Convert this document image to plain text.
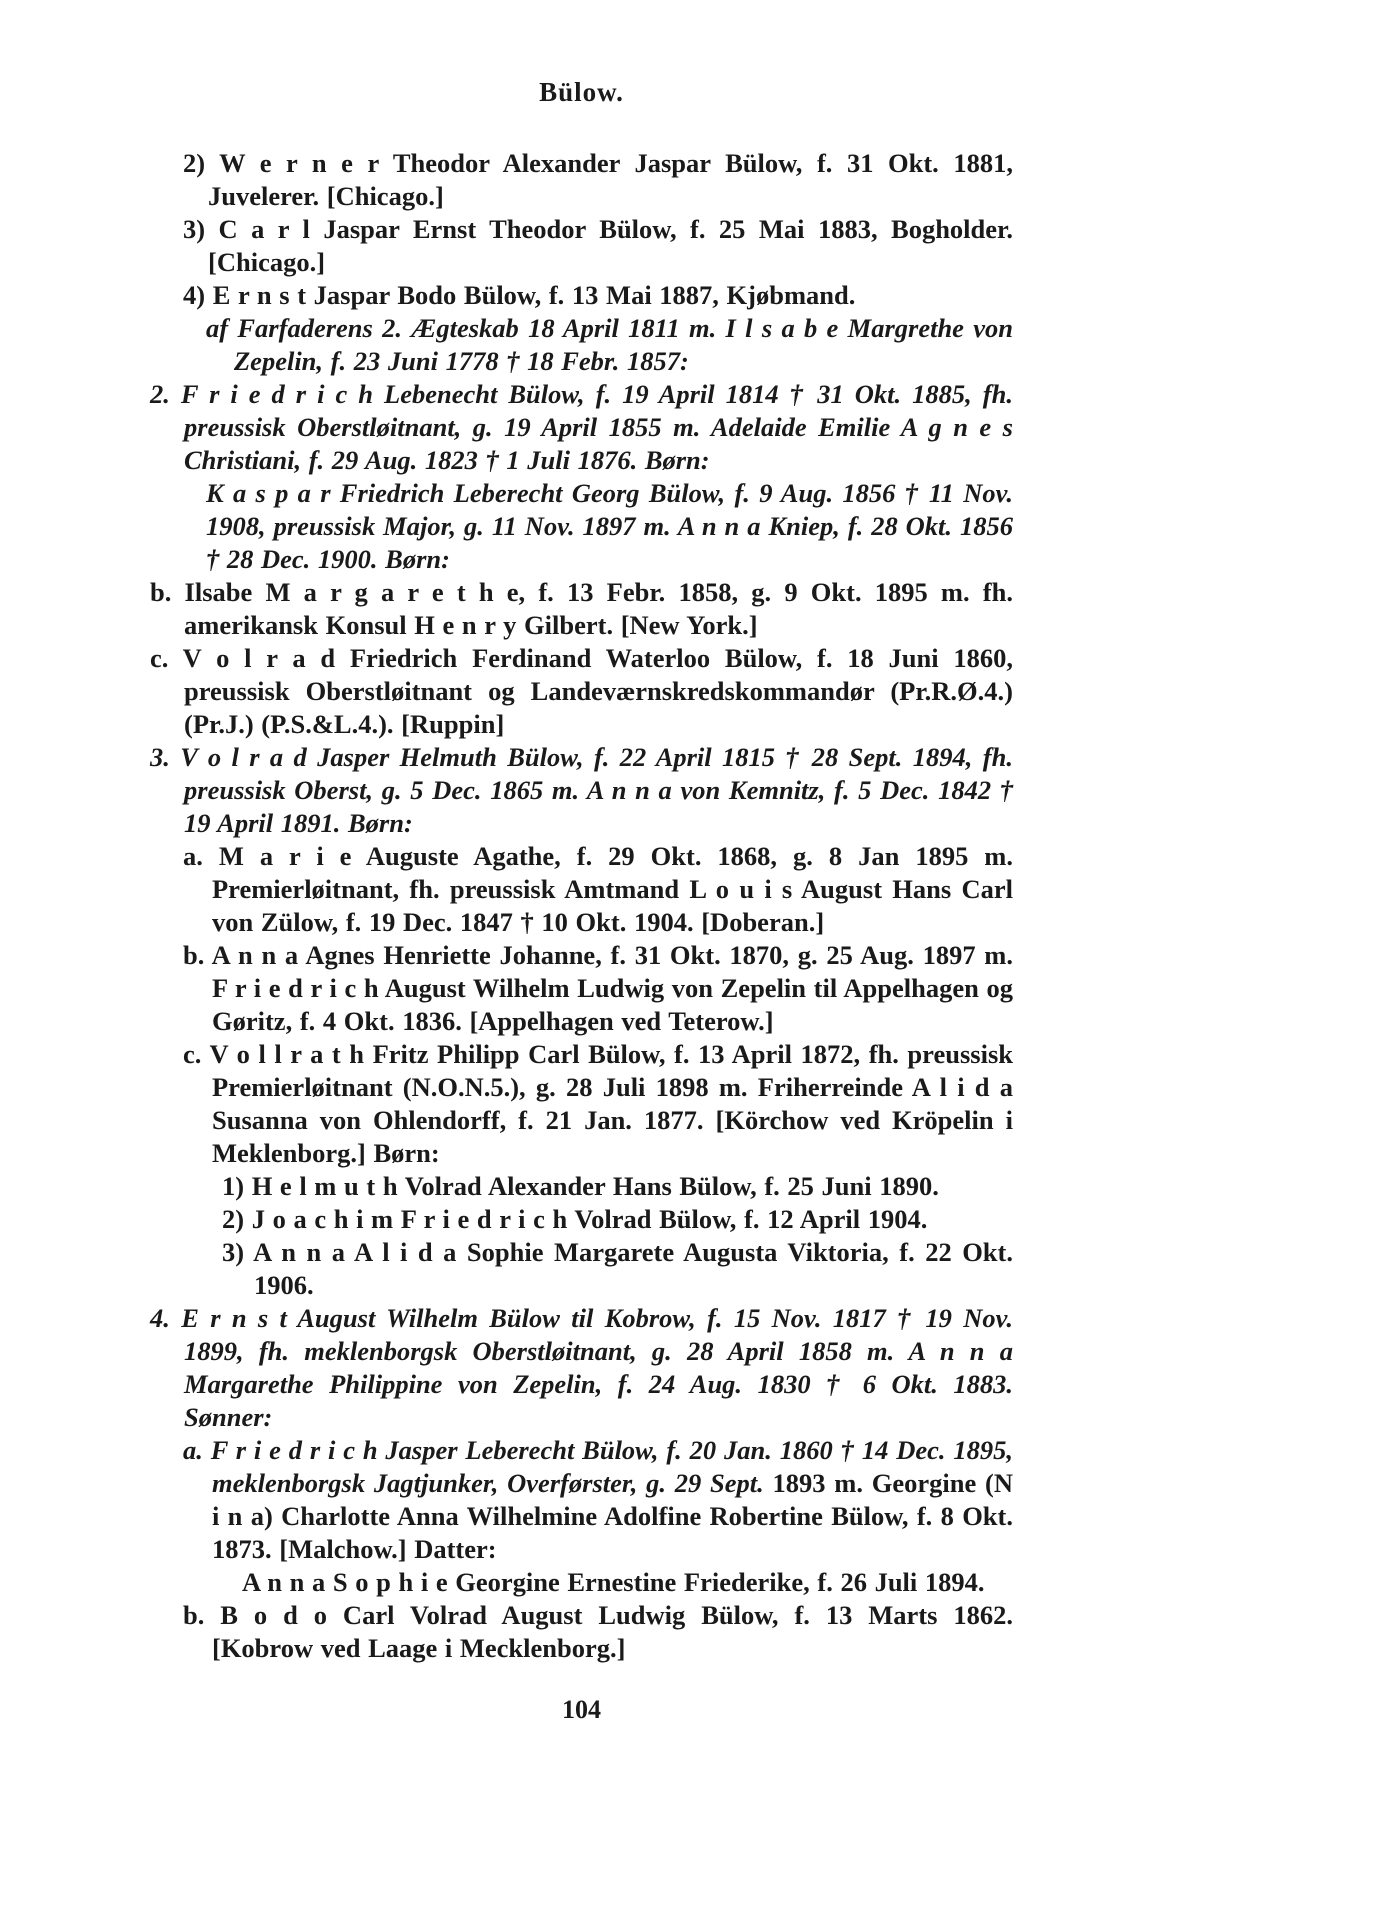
Bülow.

2) W e r n e r Theodor Alexander Jaspar Bülow, f. 31 Okt. 1881, Juvelerer. [Chicago.]

3) C a r l Jaspar Ernst Theodor Bülow, f. 25 Mai 1883, Bogholder. [Chicago.]

4) E r n s t Jaspar Bodo Bülow, f. 13 Mai 1887, Kjøbmand.

af Farfaderens 2. Ægteskab 18 April 1811 m. I l s a b e Margrethe von Zepelin, f. 23 Juni 1778 † 18 Febr. 1857:

2. F r i e d r i c h Lebenecht Bülow, f. 19 April 1814 † 31 Okt. 1885, fh. preussisk Oberstløitnant, g. 19 April 1855 m. Adelaide Emilie A g n e s Christiani, f. 29 Aug. 1823 † 1 Juli 1876. Børn:

K a s p a r Friedrich Leberecht Georg Bülow, f. 9 Aug. 1856 † 11 Nov. 1908, preussisk Major, g. 11 Nov. 1897 m. A n n a Kniep, f. 28 Okt. 1856 † 28 Dec. 1900. Børn:

b. Ilsabe M a r g a r e t h e, f. 13 Febr. 1858, g. 9 Okt. 1895 m. fh. amerikansk Konsul H e n r y Gilbert. [New York.]

c. V o l r a d Friedrich Ferdinand Waterloo Bülow, f. 18 Juni 1860, preussisk Oberstløitnant og Landeværnskredskommandør (Pr.R.Ø.4.) (Pr.J.) (P.S.&L.4.). [Ruppin]

3. V o l r a d Jasper Helmuth Bülow, f. 22 April 1815 † 28 Sept. 1894, fh. preussisk Oberst, g. 5 Dec. 1865 m. A n n a von Kemnitz, f. 5 Dec. 1842 † 19 April 1891. Børn:

a. M a r i e Auguste Agathe, f. 29 Okt. 1868, g. 8 Jan 1895 m. Premierløitnant, fh. preussisk Amtmand L o u i s August Hans Carl von Zülow, f. 19 Dec. 1847 † 10 Okt. 1904. [Doberan.]

b. A n n a Agnes Henriette Johanne, f. 31 Okt. 1870, g. 25 Aug. 1897 m. F r i e d r i c h August Wilhelm Ludwig von Zepelin til Appelhagen og Gøritz, f. 4 Okt. 1836. [Appelhagen ved Teterow.]

c. V o l l r a t h Fritz Philipp Carl Bülow, f. 13 April 1872, fh. preussisk Premierløitnant (N.O.N.5.), g. 28 Juli 1898 m. Friherreinde A l i d a Susanna von Ohlendorff, f. 21 Jan. 1877. [Körchow ved Kröpelin i Meklenborg.] Børn:

1) H e l m u t h Volrad Alexander Hans Bülow, f. 25 Juni 1890.

2) J o a c h i m F r i e d r i c h Volrad Bülow, f. 12 April 1904.

3) A n n a A l i d a Sophie Margarete Augusta Viktoria, f. 22 Okt. 1906.

4. E r n s t August Wilhelm Bülow til Kobrow, f. 15 Nov. 1817 † 19 Nov. 1899, fh. meklenborgsk Oberstløitnant, g. 28 April 1858 m. A n n a Margarethe Philippine von Zepelin, f. 24 Aug. 1830 † 6 Okt. 1883. Sønner:

a. F r i e d r i c h Jasper Leberecht Bülow, f. 20 Jan. 1860 † 14 Dec. 1895, meklenborgsk Jagtjunker, Overførster, g. 29 Sept. 1893 m. Georgine (N i n a) Charlotte Anna Wilhelmine Adolfine Robertine Bülow, f. 8 Okt. 1873. [Malchow.] Datter:

A n n a S o p h i e Georgine Ernestine Friederike, f. 26 Juli 1894.

b. B o d o Carl Volrad August Ludwig Bülow, f. 13 Marts 1862. [Kobrow ved Laage i Mecklenborg.]

104
